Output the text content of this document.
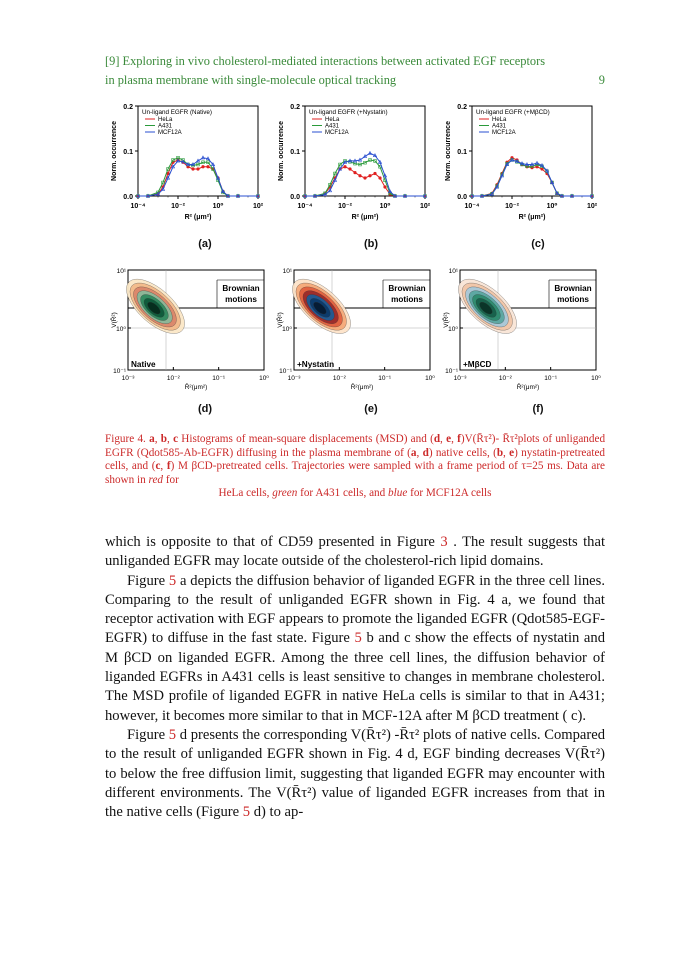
[9] Exploring in vivo cholesterol-mediated interactions between activated EGF receptors
in plasma membrane with single-molecule optical tracking	9
0.0
0.1
0.2
10⁻⁴	10⁻²	10⁰	10²
R² (μm²)
Norm. occurrence
Un-ligand EGFR (Native)
HeLa
A431
MCF12A
0.0
0.1
0.2
10⁻⁴	10⁻²	10⁰	10²
R² (μm²)
Norm. occurrence
Un-ligand EGFR (+Nystatin)
HeLa
A431
MCF12A
0.0
0.1
0.2
10⁻⁴	10⁻²	10⁰	10²
R² (μm²)
Norm. occurrence
Un-ligand EGFR (+MβCD)
HeLa
A431
MCF12A
(a)	(b)	(c)
Brownian
motions
Native
10¹
10⁰
10⁻¹
10⁻³	10⁻²	10⁻¹	10⁰
R̄²(μm²)
V(R̄²)
Brownian
motions
+Nystatin
10¹
10⁰
10⁻¹
10⁻³	10⁻²	10⁻¹	10⁰
R̄²(μm²)
V(R̄²)
Brownian
motions
+MβCD
10¹
10⁰
10⁻¹
10⁻³	10⁻²	10⁻¹	10⁰
R̄²(μm²)
V(R̄²)
(d)	(e)	(f)
Figure 4. a, b, c Histograms of mean-square displacements (MSD) and (d, e, f)V(R̄τ²)- R̄τ²plots of unliganded EGFR (Qdot585-Ab-EGFR) diffusing in the plasma membrane of (a, d) native cells, (b, e) nystatin-pretreated cells, and (c, f) M βCD-pretreated cells. Trajectories were sampled with a frame period of τ=25 ms. Data are shown in red for
HeLa cells, green for A431 cells, and blue for MCF12A cells

which is opposite to that of CD59 presented in Figure 3 . The result suggests that unliganded EGFR may locate outside of the cholesterol-rich lipid domains.

Figure 5 a depicts the diffusion behavior of liganded EGFR in the three cell lines. Comparing to the result of unliganded EGFR shown in Fig. 4 a, we found that receptor activation with EGF appears to promote the liganded EGFR (Qdot585-EGF-EGFR) to diffuse in the fast state. Figure 5 b and c show the effects of nystatin and M βCD on liganded EGFR. Among the three cell lines, the diffusion behavior of liganded EGFRs in A431 cells is least sensitive to changes in membrane cholesterol. The MSD profile of liganded EGFR in native HeLa cells is similar to that in A431; however, it becomes more similar to that in MCF-12A after M βCD treatment ( c).

Figure 5 d presents the corresponding V(R̄τ²) -R̄τ² plots of native cells. Compared to the result of unliganded EGFR shown in Fig. 4 d, EGF binding decreases V(R̄τ²) to below the free diffusion limit, suggesting that liganded EGFR may encounter with different environments. The V(R̄τ²) value of liganded EGFR increases from that in the native cells (Figure 5 d) to ap-
